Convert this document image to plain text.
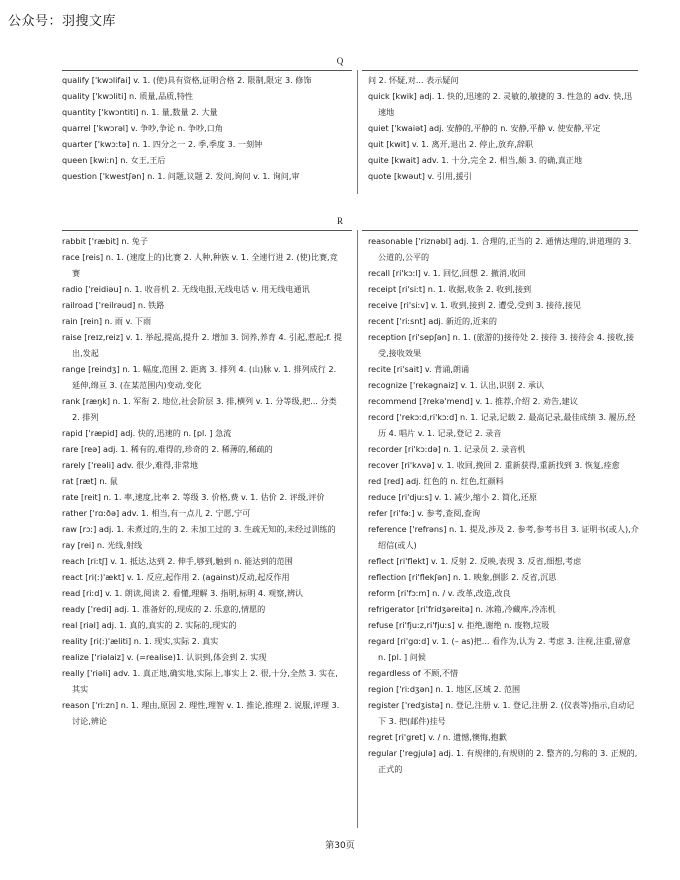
公众号：羽搜文库
Q
qualify ['kwɔlifai] v. 1. (使)具有资格,证明合格 2. 限制,限定 3. 修饰
quality ['kwɔliti] n. 质量,品质,特性
quantity ['kwɔntiti] n. 1. 量,数量 2. 大量
quarrel ['kwɔrəl] v. 争吵,争论 n. 争吵,口角
quarter ['kwɔːtə] n. 1. 四分之一 2. 季,季度 3. 一刻钟
queen [kwiːn] n. 女王,王后
question ['kwestʃən] n. 1. 问题,议题 2. 发问,询问 v. 1. 询问,审
问 2. 怀疑,对... 表示疑问
quick [kwik] adj. 1. 快的,迅速的 2. 灵敏的,敏捷的 3. 性急的 adv. 快,迅速地
quiet ['kwaiət] adj. 安静的,平静的 n. 安静,平静 v. 使安静,平定
quit [kwit] v. 1. 离开,退出 2. 停止,放弃,辞职
quite [kwait] adv. 1. 十分,完全 2. 相当,颇 3. 的确,真正地
quote [kwəut] v. 引用,援引
R
rabbit ['ræbit] n. 兔子
race [reis] n. 1. (速度上的)比赛 2. 人种,种族 v. 1. 全速行进 2. (使)比赛,竞赛
radio ['reidiəu] n. 1. 收音机 2. 无线电报,无线电话 v. 用无线电通讯
railroad ['reilrəud] n. 铁路
rain [rein] n. 雨 v. 下雨
raise [reɪz,reiz] v. 1. 举起,提高,提升 2. 增加 3. 饲养,养育 4. 引起,惹起;f. 提出,发起
range [reindʒ] n. 1. 幅度,范围 2. 距离 3. 排列 4. (山)脉 v. 1. 排列成行 2. 延伸,绵亘 3. (在某范围内)变动,变化
rank [ræŋk] n. 1. 军衔 2. 地位,社会阶层 3. 排,横列 v. 1. 分等级,把... 分类 2. 排列
rapid ['ræpid] adj. 快的,迅速的 n. [pl. ] 急流
rare [reə] adj. 1. 稀有的,难得的,珍奇的 2. 稀薄的,稀疏的
rarely ['reəli] adv. 很少,难得,非常地
rat [ræt] n. 鼠
rate [reit] n. 1. 率,速度,比率 2. 等级 3. 价格,费 v. 1. 估价 2. 评级,评价
rather ['rɑːðə] adv. 1. 相当,有一点儿 2. 宁愿,宁可
raw [rɔː] adj. 1. 未煮过的,生的 2. 未加工过的 3. 生疏无知的,未经过训练的
ray [rei] n. 光线,射线
reach [riːtʃ] v. 1. 抵达,达到 2. 伸手,够到,触到 n. 能达到的范围
react [ri(ː)'ækt] v. 1. 反应,起作用 2. (against)反动,起反作用
read [riːd] v. 1. 朗读,阅读 2. 看懂,理解 3. 指明,标明 4. 观察,辨认
ready ['redi] adj. 1. 准备好的,现成的 2. 乐意的,情愿的
real [riəl] adj. 1. 真的,真实的 2. 实际的,现实的
reality [ri(ː)'æliti] n. 1. 现实,实际 2. 真实
realize ['riəlaiz] v. (=realise)1. 认识到,体会到 2. 实现
really ['riəli] adv. 1. 真正地,确实地,实际上,事实上 2. 很,十分,全然 3. 实在,其实
reason ['riːzn] n. 1. 理由,原因 2. 理性,理智 v. 1. 推论,推理 2. 说服,评理 3. 讨论,辨论
reasonable ['riznəbl] adj. 1. 合理的,正当的 2. 通情达理的,讲道理的 3. 公道的,公平的
recall [ri'kɔːl] v. 1. 回忆,回想 2. 撤消,收回
receipt [ri'siːt] n. 1. 收据,收条 2. 收到,接到
receive [ri'siːv] v. 1. 收到,接到 2. 遭受,受到 3. 接待,接见
recent ['riːsnt] adj. 新近的,近来的
reception [ri'sepʃən] n. 1. (旅游的)接待处 2. 接待 3. 接待会 4. 接收,接受,接收效果
recite [ri'sait] v. 背诵,朗诵
recognize ['rekəgnaiz] v. 1. 认出,识别 2. 承认
recommend [?rekə'mend] v. 1. 推荐,介绍 2. 劝告,建议
record ['rekɔːd,ri'kɔːd] n. 1. 记录,记载 2. 最高记录,最佳成绩 3. 履历,经历 4. 唱片 v. 1. 记录,登记 2. 录音
recorder [ri'kɔːdə] n. 1. 记录员 2. 录音机
recover [ri'kʌvə] v. 1. 收回,挽回 2. 重新获得,重新找到 3. 恢复,痊愈
red [red] adj. 红色的 n. 红色,红颜料
reduce [ri'djuːs] v. 1. 减少,缩小 2. 简化,还原
refer [ri'fəː] v. 参考,查阅,查询
reference ['refrəns] n. 1. 提及,涉及 2. 参考,参考书目 3. 证明书(或人),介绍信(或人)
reflect [ri'flekt] v. 1. 反射 2. 反映,表现 3. 反省,细想,考虑
reflection [ri'flekʃən] n. 1. 映象,倒影 2. 反省,沉思
reform [ri'fɔːm] n. / v. 改革,改造,改良
refrigerator [ri'fridʒəreitə] n. 冰箱,冷藏库,冷冻机
refuse [ri'fjuːz,ri'fjuːs] v. 拒绝,谢绝 n. 废物,垃圾
regard [ri'gɑːd] v. 1. (– as)把... 看作为,认为 2. 考虑 3. 注视,注重,留意 n. [pl. ] 问候
regardless of 不顾,不惜
region ['riːdʒən] n. 1. 地区,区域 2. 范围
register ['redʒistə] n. 登记,注册 v. 1. 登记,注册 2. (仪表等)指示,自动记下 3. 把(邮件)挂号
regret [ri'gret] v. / n. 遗憾,懊悔,抱歉
regular ['regjulə] adj. 1. 有规律的,有规则的 2. 整齐的,匀称的 3. 正规的,正式的
第30页
